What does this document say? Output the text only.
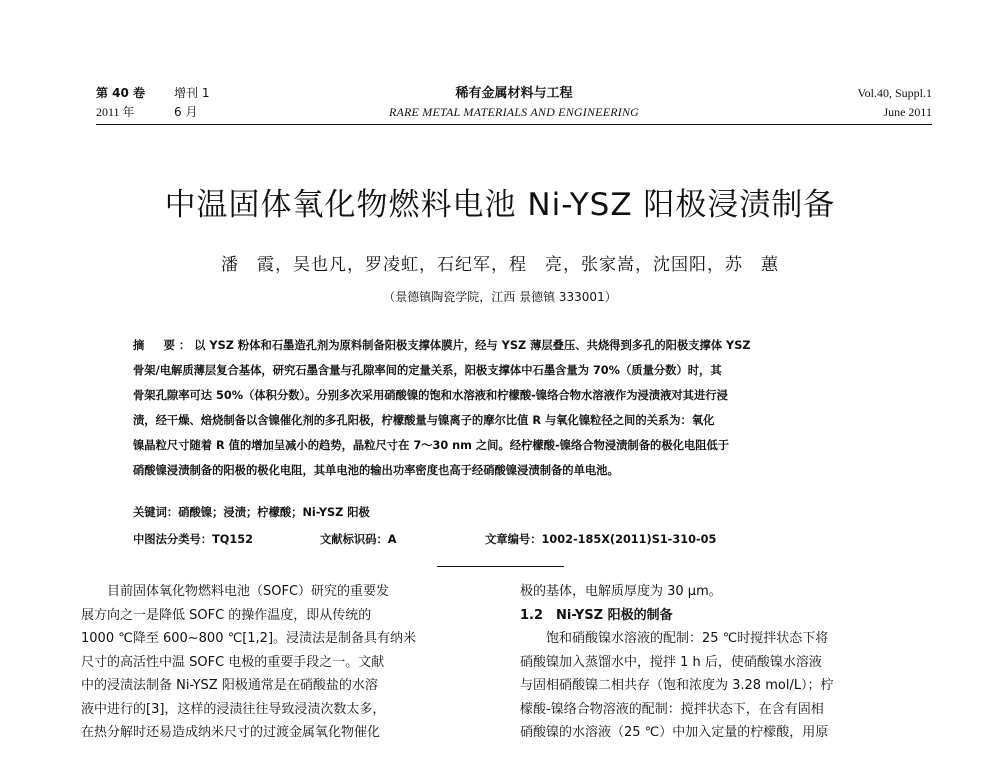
第 40 卷 增刊 1
2011 年	6 月
稀有金属材料与工程
RARE METAL MATERIALS AND ENGINEERING
Vol.40, Suppl.1
June 2011
中温固体氧化物燃料电池 Ni-YSZ 阳极浸渍制备
潘　霞，吴也凡，罗凌虹，石纪军，程　亮，张家嵩，沈国阳，苏　蕙
（景德镇陶瓷学院，江西 景德镇 333001）
摘　要：以 YSZ 粉体和石墨造孔剂为原料制备阳极支撑体膜片，经与 YSZ 薄层叠压、共烧得到多孔的阳极支撑体 YSZ
骨架/电解质薄层复合基体，研究石墨含量与孔隙率间的定量关系，阳极支撑体中石墨含量为 70%（质量分数）时，其
骨架孔隙率可达 50%（体积分数）。分别多次采用硝酸镍的饱和水溶液和柠檬酸-镍络合物水溶液作为浸渍液对其进行浸
渍，经干燥、焙烧制备以含镍催化剂的多孔阳极，柠檬酸量与镍离子的摩尔比值 R 与氧化镍粒径之间的关系为：氧化
镍晶粒尺寸随着 R 值的增加呈减小的趋势，晶粒尺寸在 7～30 nm 之间。经柠檬酸-镍络合物浸渍制备的极化电阻低于
硝酸镍浸渍制备的阳极的极化电阻，其单电池的输出功率密度也高于经硝酸镍浸渍制备的单电池。
关键词：硝酸镍；浸渍；柠檬酸；Ni-YSZ 阳极
中图法分类号：TQ152	文献标识码：A	文章编号：1002-185X(2011)S1-310-05
目前固体氧化物燃料电池（SOFC）研究的重要发
展方向之一是降低 SOFC 的操作温度，即从传统的
1000 ℃降至 600~800 ℃[1,2]。浸渍法是制备具有纳米
尺寸的高活性中温 SOFC 电极的重要手段之一。文献
中的浸渍法制备 Ni-YSZ 阳极通常是在硝酸盐的水溶
液中进行的[3]，这样的浸渍往往导致浸渍次数太多，
在热分解时还易造成纳米尺寸的过渡金属氧化物催化
极的基体，电解质厚度为 30 μm。
1.2　Ni-YSZ 阳极的制备
饱和硝酸镍水溶液的配制：25 ℃时搅拌状态下将
硝酸镍加入蒸馏水中，搅拌 1 h 后，使硝酸镍水溶液
与固相硝酸镍二相共存（饱和浓度为 3.28 mol/L）；柠
檬酸-镍络合物溶液的配制：搅拌状态下，在含有固相
硝酸镍的水溶液（25 ℃）中加入定量的柠檬酸，用原
